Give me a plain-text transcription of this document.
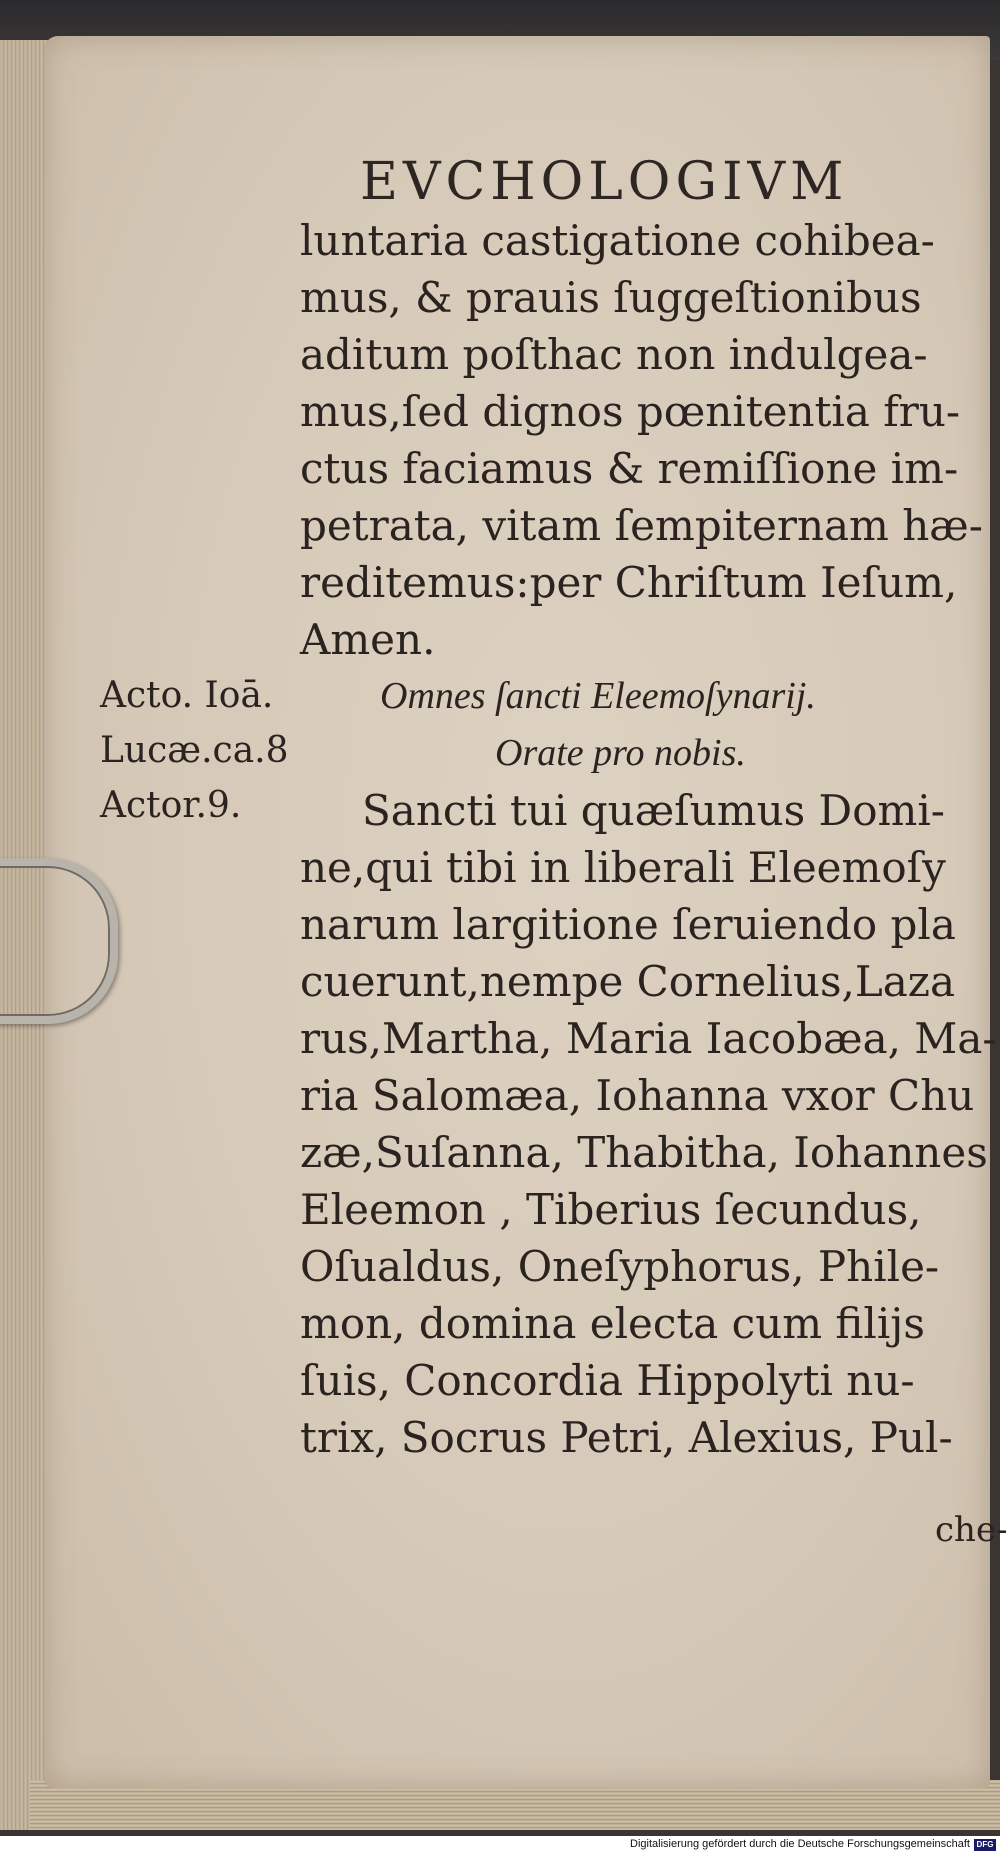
EVCHOLOGIVM
luntaria castigatione cohibea-
mus, & prauis ſuggeſtionibus
aditum poſthac non indulgea-
mus,ſed dignos pœnitentia fru-
ctus faciamus & remiſſione im-
petrata, vitam ſempiternam hæ-
reditemus:per Chriſtum Ieſum,
Amen.
Omnes ſancti Eleemoſynarij.
Orate pro nobis.
Sancti tui quæſumus Domi-
ne,qui tibi in liberali Eleemoſy
narum largitione ſeruiendo pla
cuerunt,nempe Cornelius,Laza
rus,Martha, Maria Iacobæa, Ma-
ria Salomæa, Iohanna vxor Chu
zæ,Suſanna, Thabitha, Iohannes
Eleemon , Tiberius ſecundus,
Oſualdus, Oneſyphorus, Phile-
mon, domina electa cum filijs
ſuis, Concordia Hippolyti nu-
trix, Socrus Petri, Alexius, Pul-
Acto. Ioā.
Lucæ.ca.8
Actor.9.
che-
Digitalisierung gefördert durch die Deutsche Forschungsgemeinschaft DFG
